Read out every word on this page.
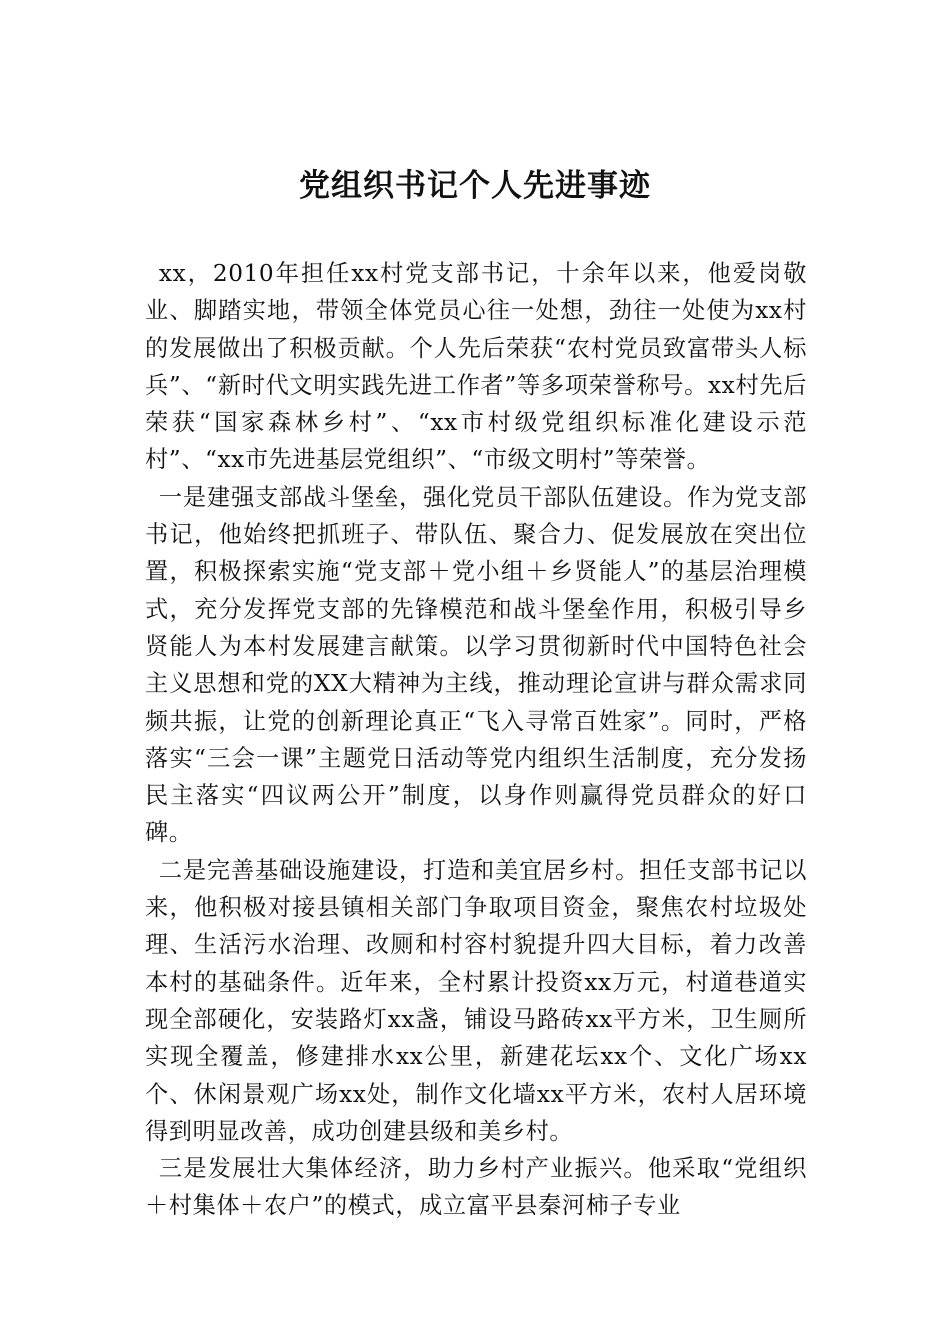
党组织书记个人先进事迹

xx，2010年担任xx村党支部书记，十余年以来，他爱岗敬业、脚踏实地，带领全体党员心往一处想，劲往一处使为xx村的发展做出了积极贡献。个人先后荣获“农村党员致富带头人标兵”、“新时代文明实践先进工作者”等多项荣誉称号。xx村先后荣获“国家森林乡村”、“xx市村级党组织标准化建设示范村”、“xx市先进基层党组织”、“市级文明村”等荣誉。

一是建强支部战斗堡垒，强化党员干部队伍建设。作为党支部书记，他始终把抓班子、带队伍、聚合力、促发展放在突出位置，积极探索实施“党支部＋党小组＋乡贤能人”的基层治理模式，充分发挥党支部的先锋模范和战斗堡垒作用，积极引导乡贤能人为本村发展建言献策。以学习贯彻新时代中国特色社会主义思想和党的XX大精神为主线，推动理论宣讲与群众需求同频共振，让党的创新理论真正“飞入寻常百姓家”。同时，严格落实“三会一课”主题党日活动等党内组织生活制度，充分发扬民主落实“四议两公开”制度，以身作则赢得党员群众的好口碑。

二是完善基础设施建设，打造和美宜居乡村。担任支部书记以来，他积极对接县镇相关部门争取项目资金，聚焦农村垃圾处理、生活污水治理、改厕和村容村貌提升四大目标，着力改善本村的基础条件。近年来，全村累计投资xx万元，村道巷道实现全部硬化，安装路灯xx盏，铺设马路砖xx平方米，卫生厕所实现全覆盖，修建排水xx公里，新建花坛xx个、文化广场xx个、休闲景观广场xx处，制作文化墙xx平方米，农村人居环境得到明显改善，成功创建县级和美乡村。

三是发展壮大集体经济，助力乡村产业振兴。他采取“党组织＋村集体＋农户”的模式，成立富平县秦河柿子专业
